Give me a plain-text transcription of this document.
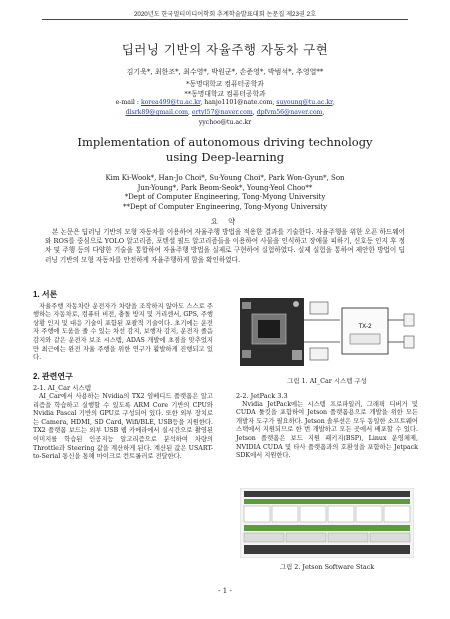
2020년도 한국멀티미디어학회 추계학술발표대회 논문집 제23권 2호
딥러닝 기반의 자율주행 자동차 구현
김기욱*, 최한조*, 최수영*, 박원군*, 손준영*, 박범석*, 추영열**
*동명대학교 컴퓨터공학과
**동명대학교 컴퓨터공학과
e-mail : korea499@tu.ac.kr, hanjo1101@nate.com, suyoung@tu.ac.kr,
dlsrk89@gmail.com, ertyl57@naver.com, dpfvm56@naver.com,
yychoo@tu.ac.kr
Implementation of autonomous driving technology
using Deep-learning
Kim Ki-Wook*, Han-Jo Choi*, Su-Young Choi*, Park Won-Gyun*, Son
Jun-Young*, Park Beom-Seok*, Young-Yeol Choo**
*Dept of Computer Engineering, Tong-Myong University
**Dept of Computer Engineering, Tong-Myong University
요 약
본 논문은 딥러닝 기반의 모형 자동차를 이용하여 자율주행 방법을 적용한 결과를 기술한다. 자율주행을 위한 오픈 하드웨어와 ROS를 중심으로 YOLO 알고리즘, 포텐셜 필드 알고리즘들을 이용하여 사물을 인식하고 장애물 피하기, 신호등 인지 후 정차 및 주행 등의 다양한 기술을 통합하여 자율주행 방법을 실제로 구현하여 실험하였다. 실제 실험을 통하여 제안한 방법이 딥러닝 기반의 모형 자동차를 안전하게 자율주행하게 함을 확인하였다.
1. 서론
자율주행 자동차란 운전자가 차량을 조작하지 않아도 스스로 주행하는 자동차로, 컴퓨터 비전, 충돌 방지 및 거리센서, GPS, 주행상황 인지 및 대응 기술이 포함된 포괄적 기술이다. 초기에는 운전자 주행에 도움을 줄 수 있는 차선 감지, 보행자 감지, 운전자 졸음 감지와 같은 운전자 보조 시스템, ADAS 개발에 초점을 맞추었지만 최근에는 완전 자율 주행을 위한 연구가 활발하게 진행되고 있다.
2. 관련연구
2-1. AI_Car 시스템
AI_Car에서 사용하는 Nvidia의 TX2 임베디드 플랫폼은 알고리즘을 학습하고 실행할 수 있도록 ARM Core 기반의 CPU와 Nvidia Pascal 기반의 GPU로 구성되어 있다. 또한 외부 장치로는 Camera, HDMI, SD Card, Wifi/BLE, USB등을 지원한다. TX2 플랫폼 보드는 외부 USB 웹 카메라에서 실시간으로 촬영된 이미지를 학습된 인공지능 알고리즘으로 분석하여 차량의 Throttle과 Steering 값을 계산하게 된다. 계산된 값은 USART-to-Serial 통신을 통해 마이크로 컨트롤러로 전달한다.
TX-2
그림 1. AI_Car 시스템 구성
2-2. JetPack 3.3
Nvidia JetPack에는 시스템 프로파일러, 그래픽 디버거 및 CUDA 툴킷을 포함하여 Jetson 플랫폼용으로 개발을 위한 모든 개발자 도구가 필요하다. Jetson 솔루션은 모두 동일한 소프트웨어 스택에서 지원되므로 한 번 개발하고 모든 곳에서 배포할 수 있다. Jetson 플랫폼은 보드 지원 패키지(BSP), Linux 운영체제, NVIDIA CUDA 및 타사 플랫폼과의 호환성을 포함하는 Jetpack SDK에서 지원한다.
그림 2. Jetson Software Stack
- 1 -
